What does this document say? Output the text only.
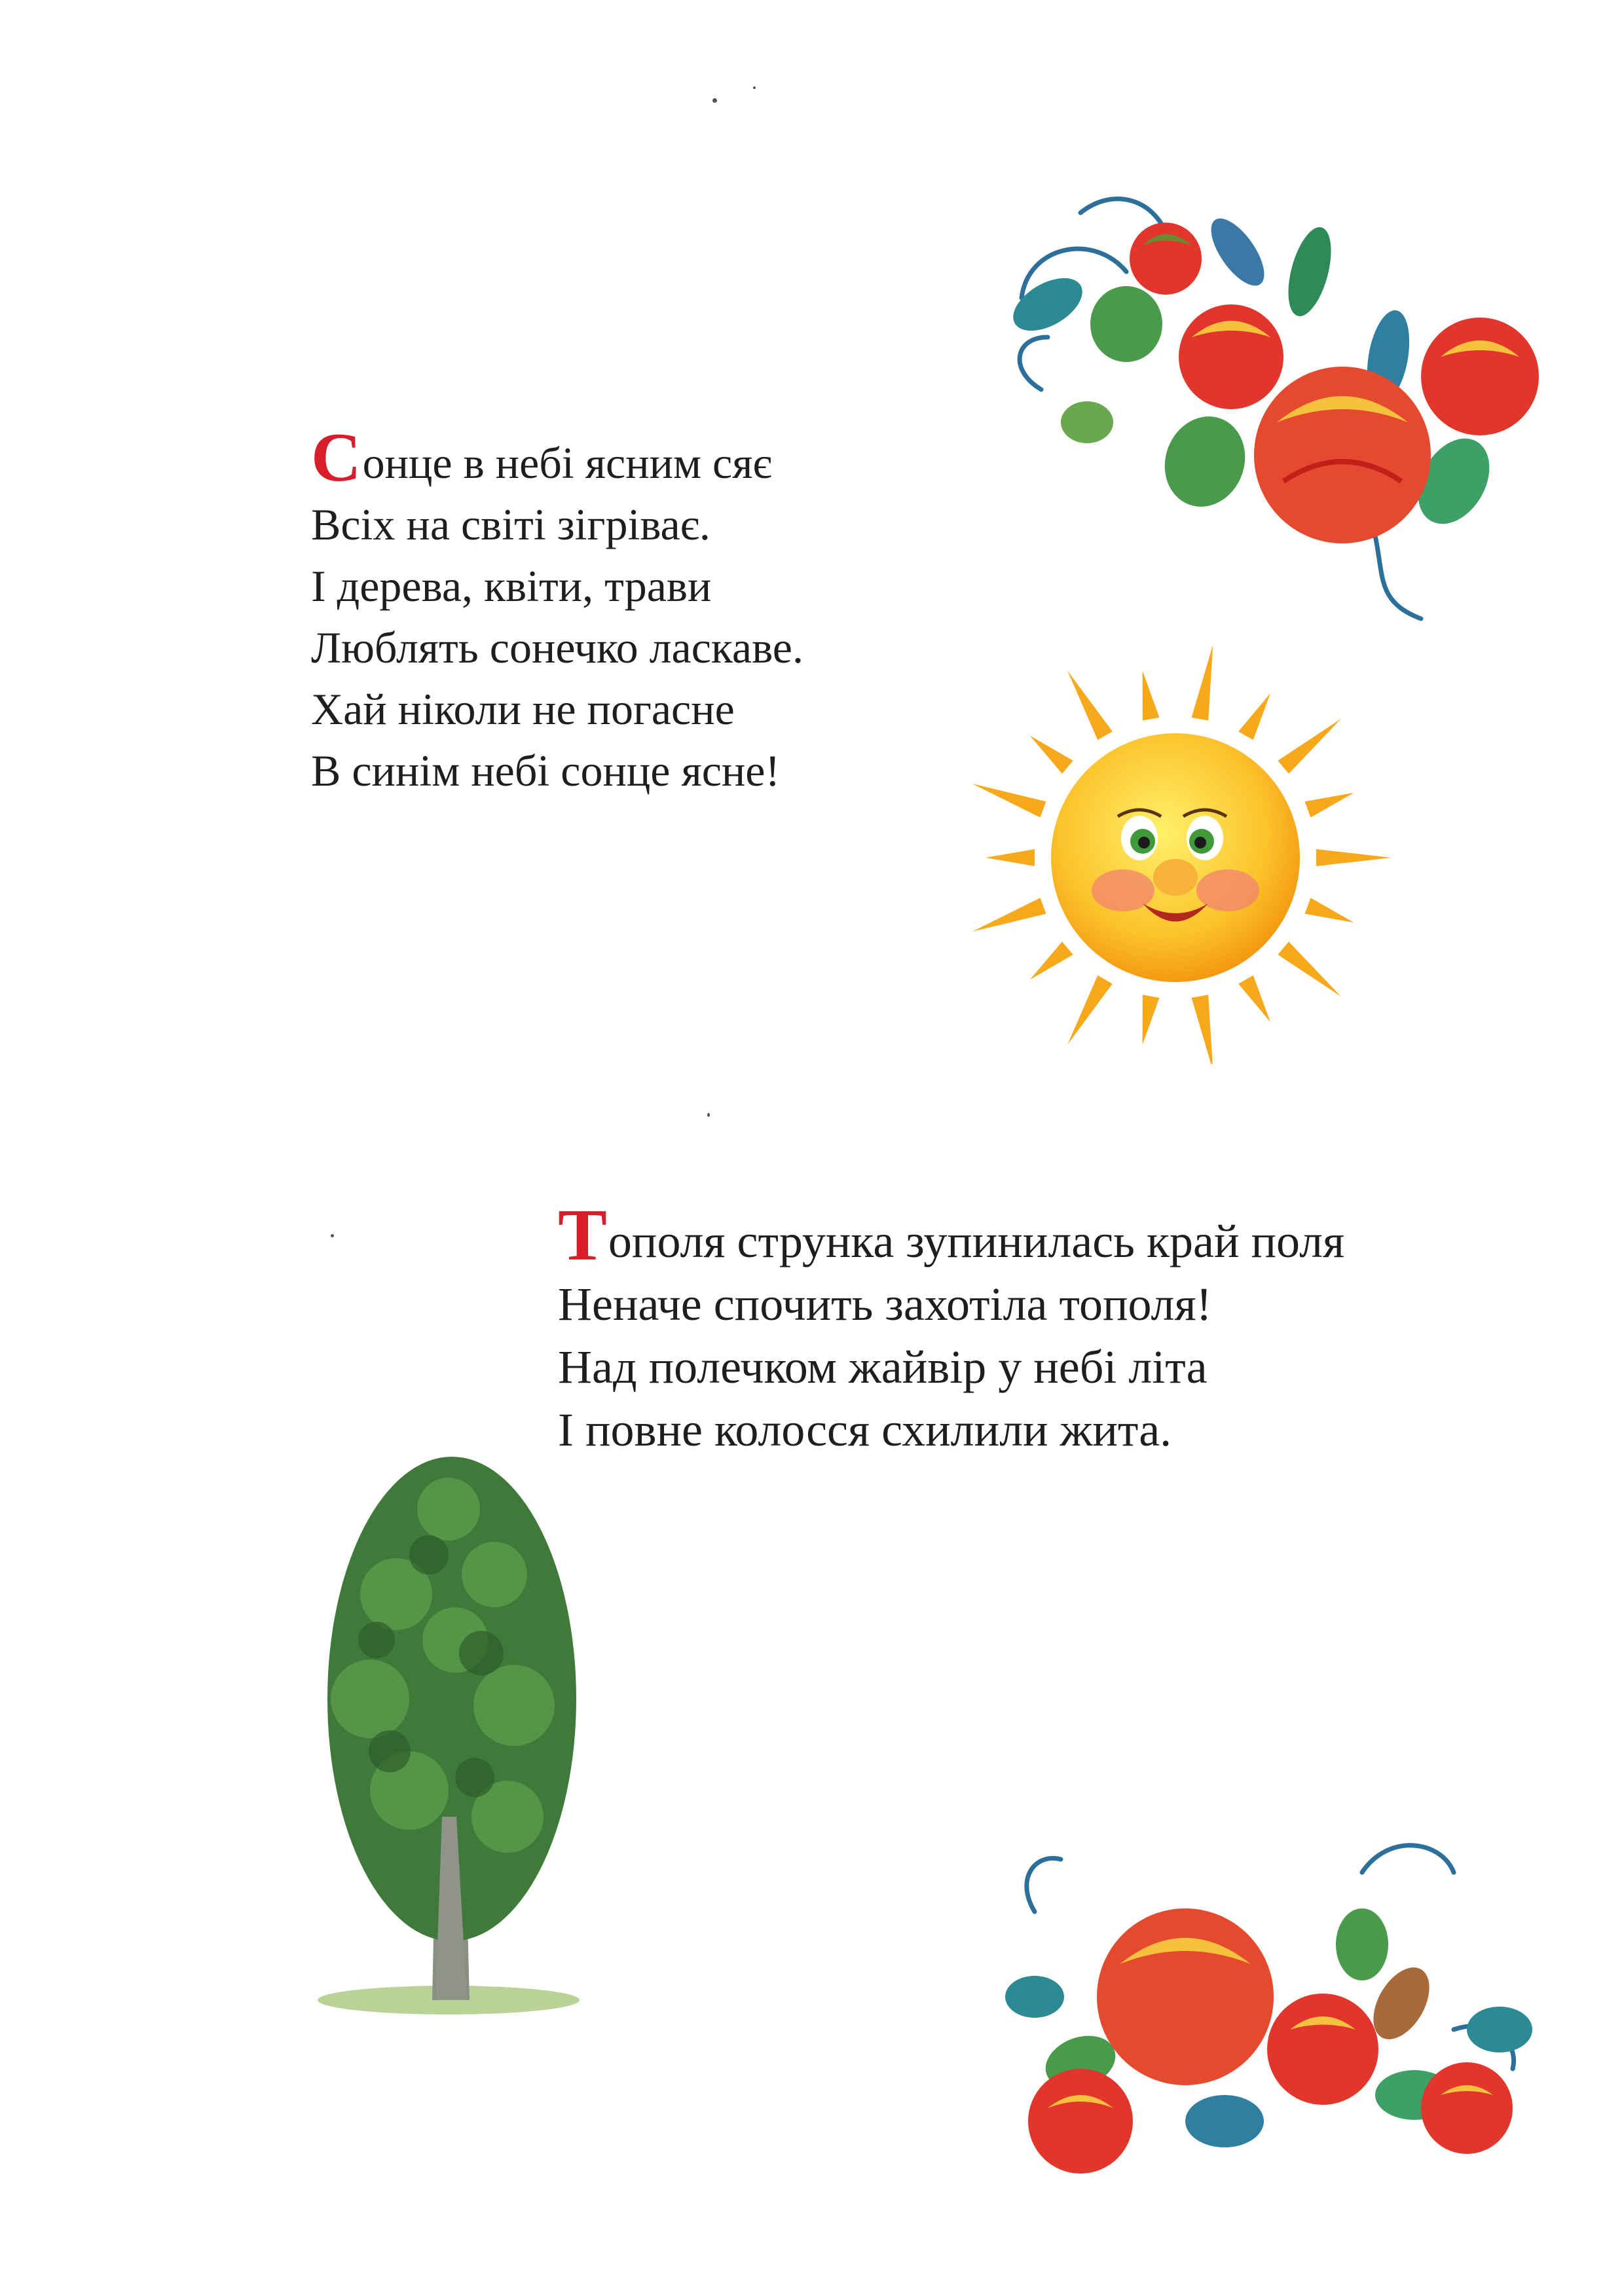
Сонце в небі ясним сяє
Всіх на світі зігріває.
І дерева, квіти, трави
Люблять сонечко ласкаве.
Хай ніколи не погасне
В синім небі сонце ясне!
Тополя струнка зупинилась край поля
Неначе спочить захотіла тополя!
Над полечком жайвір у небі літа
І повне колосся схилили жита.
